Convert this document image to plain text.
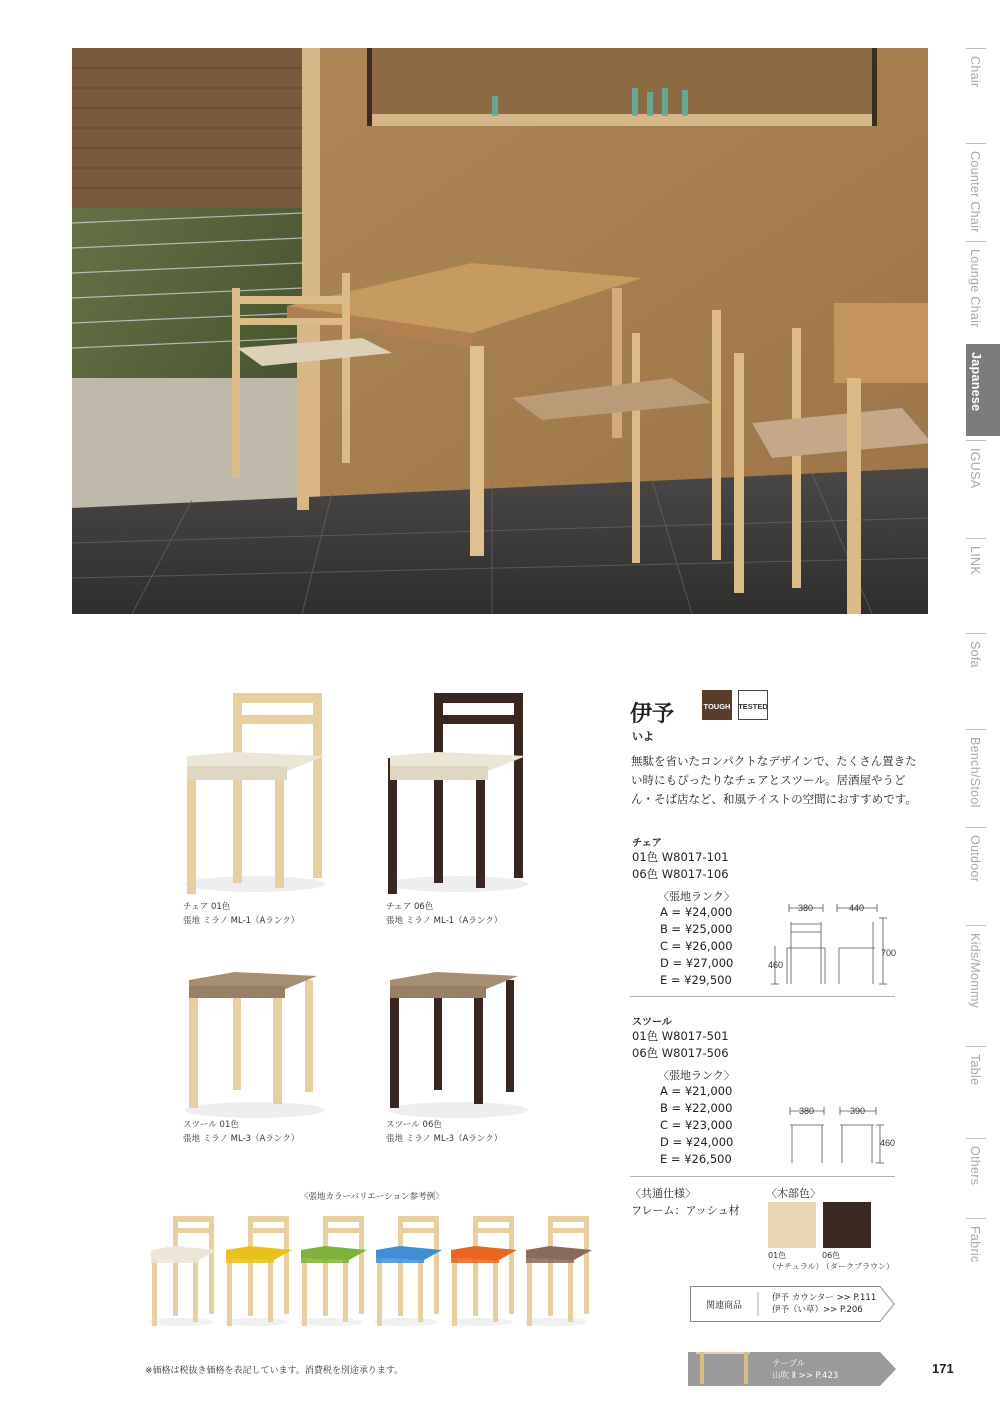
Chair
Counter Chair
Lounge Chair
Japanese
IGUSA
LINK
Sofa
Bench/Stool
Outdoor
Kids/Mommy
Table
Others
Fabric
チェア 01色
張地 ミラノ ML-1（Aランク）
チェア 06色
張地 ミラノ ML-1（Aランク）
スツール 01色
張地 ミラノ ML-3（Aランク）
スツール 06色
張地 ミラノ ML-3（Aランク）
〈張地カラーバリエーション参考例〉
伊予
いよ
TOUGH TESTED
無駄を省いたコンパクトなデザインで、たくさん置きたい時にもぴったりなチェアとスツール。居酒屋やうどん・そば店など、和風テイストの空間におすすめです。
チェア
01色 W8017-101
06色 W8017-106
〈張地ランク〉
A = ¥24,000
B = ¥25,000
C = ¥26,000
D = ¥27,000
E = ¥29,500
380	440
700
460
スツール
01色 W8017-501
06色 W8017-506
〈張地ランク〉
A = ¥21,000
B = ¥22,000
C = ¥23,000
D = ¥24,000
E = ¥26,500
380	390
460
〈共通仕様〉
フレーム：アッシュ材
〈木部色〉
01色
（ナチュラル）
06色
（ダークブラウン）
関連商品
伊予 カウンター >> P.111
伊予（い草）>> P.206
テーブル
山吹 Ⅱ >> P.423
※価格は税抜き価格を表記しています。消費税を別途承ります。	171
